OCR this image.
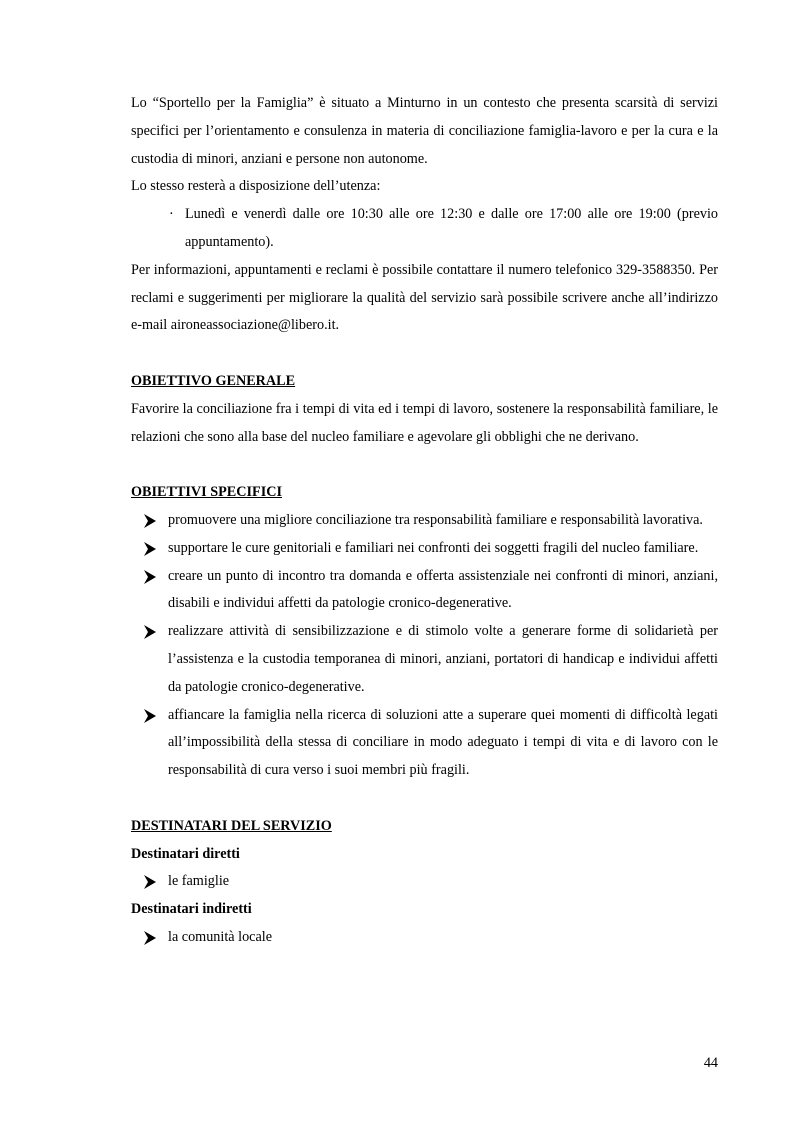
Lo “Sportello per la Famiglia” è situato a Minturno in un contesto che presenta scarsità di servizi specifici per l’orientamento e consulenza in materia di conciliazione famiglia-lavoro e per la cura e la custodia di minori, anziani e persone non autonome.

Lo stesso resterà a disposizione dell’utenza:

· Lunedì e venerdì dalle ore 10:30 alle ore 12:30 e dalle ore 17:00 alle ore 19:00 (previo appuntamento).

Per informazioni, appuntamenti e reclami è possibile contattare il numero telefonico 329-3588350. Per reclami e suggerimenti per migliorare la qualità del servizio sarà possibile scrivere anche all’indirizzo e-mail aironeassociazione@libero.it.

OBIETTIVO GENERALE

Favorire la conciliazione fra i tempi di vita ed i tempi di lavoro, sostenere la responsabilità familiare, le relazioni che sono alla base del nucleo familiare e agevolare gli obblighi che ne derivano.

OBIETTIVI SPECIFICI

promuovere una migliore conciliazione tra responsabilità familiare e responsabilità lavorativa.
supportare le cure genitoriali e familiari nei confronti dei soggetti fragili del nucleo familiare.
creare un punto di incontro tra domanda e offerta assistenziale nei confronti di minori, anziani, disabili e individui affetti da patologie cronico-degenerative.
realizzare attività di sensibilizzazione e di stimolo volte a generare forme di solidarietà per l’assistenza e la custodia temporanea di minori, anziani, portatori di handicap e individui affetti da patologie cronico-degenerative.
affiancare la famiglia nella ricerca di soluzioni atte a superare quei momenti di difficoltà legati all’impossibilità della stessa di conciliare in modo adeguato i tempi di vita e di lavoro con le responsabilità di cura verso i suoi membri più fragili.

DESTINATARI DEL SERVIZIO

Destinatari diretti

le famiglie

Destinatari indiretti

la comunità locale
44
